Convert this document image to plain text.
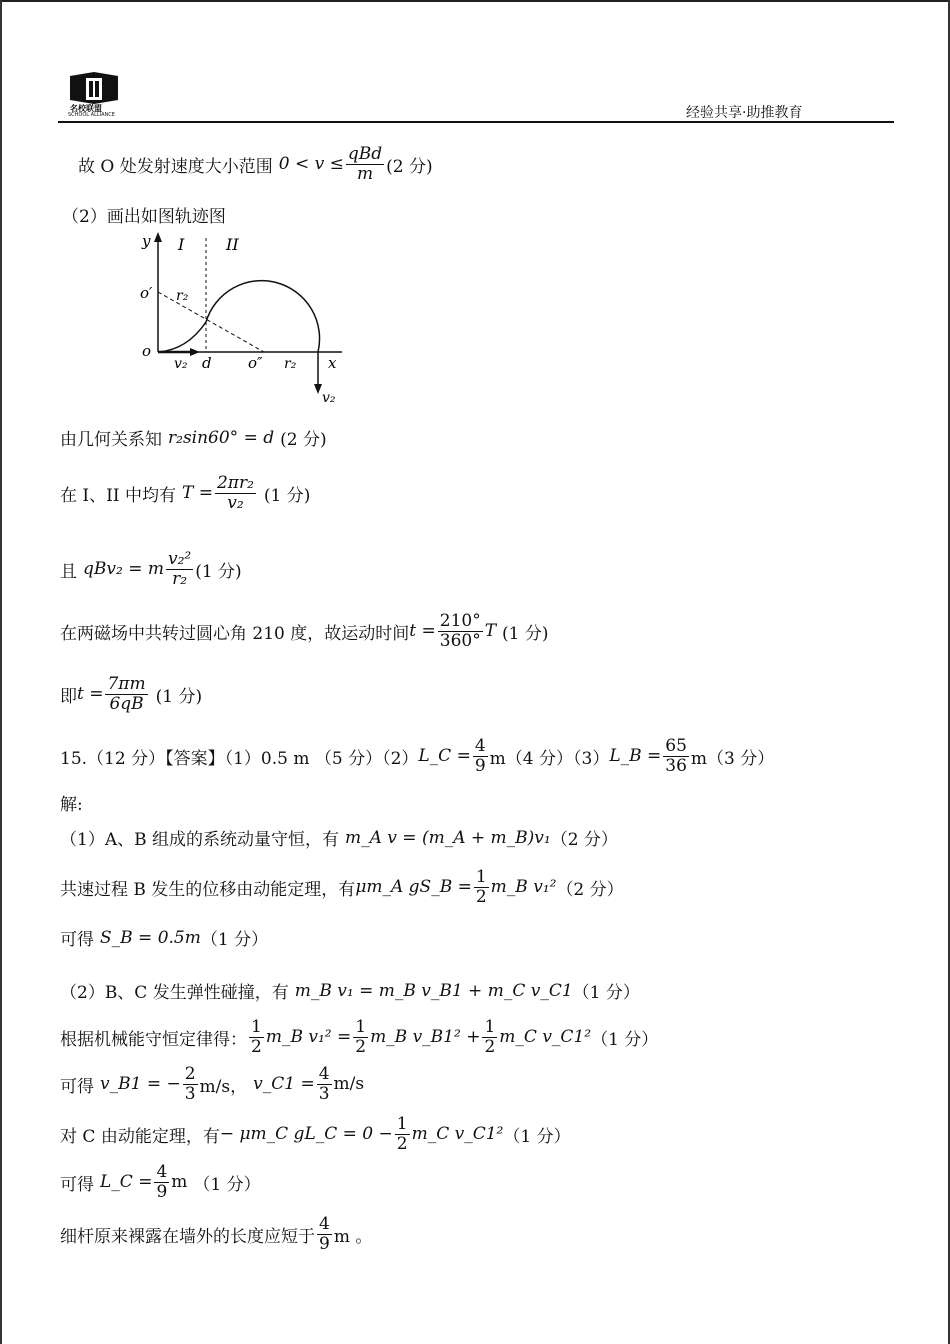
名校联盟
SCHOOL ALLIANCE	经验共享·助推教育
故 O 处发射速度大小范围 $0 < v \le \frac{\text{qBd}}{m} (2$ 分)
（2）画出如图轨迹图
y I	II
o′ r₂
o
v₂ d o″ r₂ x
v₂
由几何关系知 r₂sin60° = d (2 分)
在 I、II 中均有 $T = \frac{\text{2πr₂}}{\text{v₂}} (1$ 分)
且 qBv₂ = m $\frac{\text{v₂²}}{\text{r₂}} (1$ 分)
在两磁场中共转过圆心角 210 度，故运动时间 $t = \frac{210^\circ}{360^\circ}$ T (1 分)
即 $t = \frac{7\pi m}{6qB} (1$ 分)
15.（12 分）【答案】（1）0.5 m （5 分）（2） L_C = $\frac{4}{9} m(4$ 分）（3） L_B = $\frac{65}{36} m(3$ 分）
解:
（1）A、B 组成的系统动量守恒，有 m_A v = (m_A + m_B)v₁ （2 分）
共速过程 B 发生的位移由动能定理，有 μm_A gS_B = $\frac{1}{2}$ m_B v₁² （2 分）
可得 S_B = 0.5m （1 分）
（2）B、C 发生弹性碰撞，有 m_B v₁ = m_B v_B1 + m_C v_C1 （1 分）
根据机械能守恒定律得： $\frac{1}{2}$ m_B $v_1^2 = \frac{1}{2}$ m_B v_B1² + $\frac{1}{2}$ m_C v_C1² （1 分）
可得 v_B1 = − $\frac{2}{3} m/s$， v_C1 = $\frac{4}{3} m/s$
对 C 由动能定理，有 − μm_C gL_C = $0 - \frac{1}{2}$ m_C v_C1² （1 分）
可得 L_C = $\frac{4}{9}$ m （1 分）
细杆原来裸露在墙外的长度应短于 $\frac{4}{9}$ m 。
